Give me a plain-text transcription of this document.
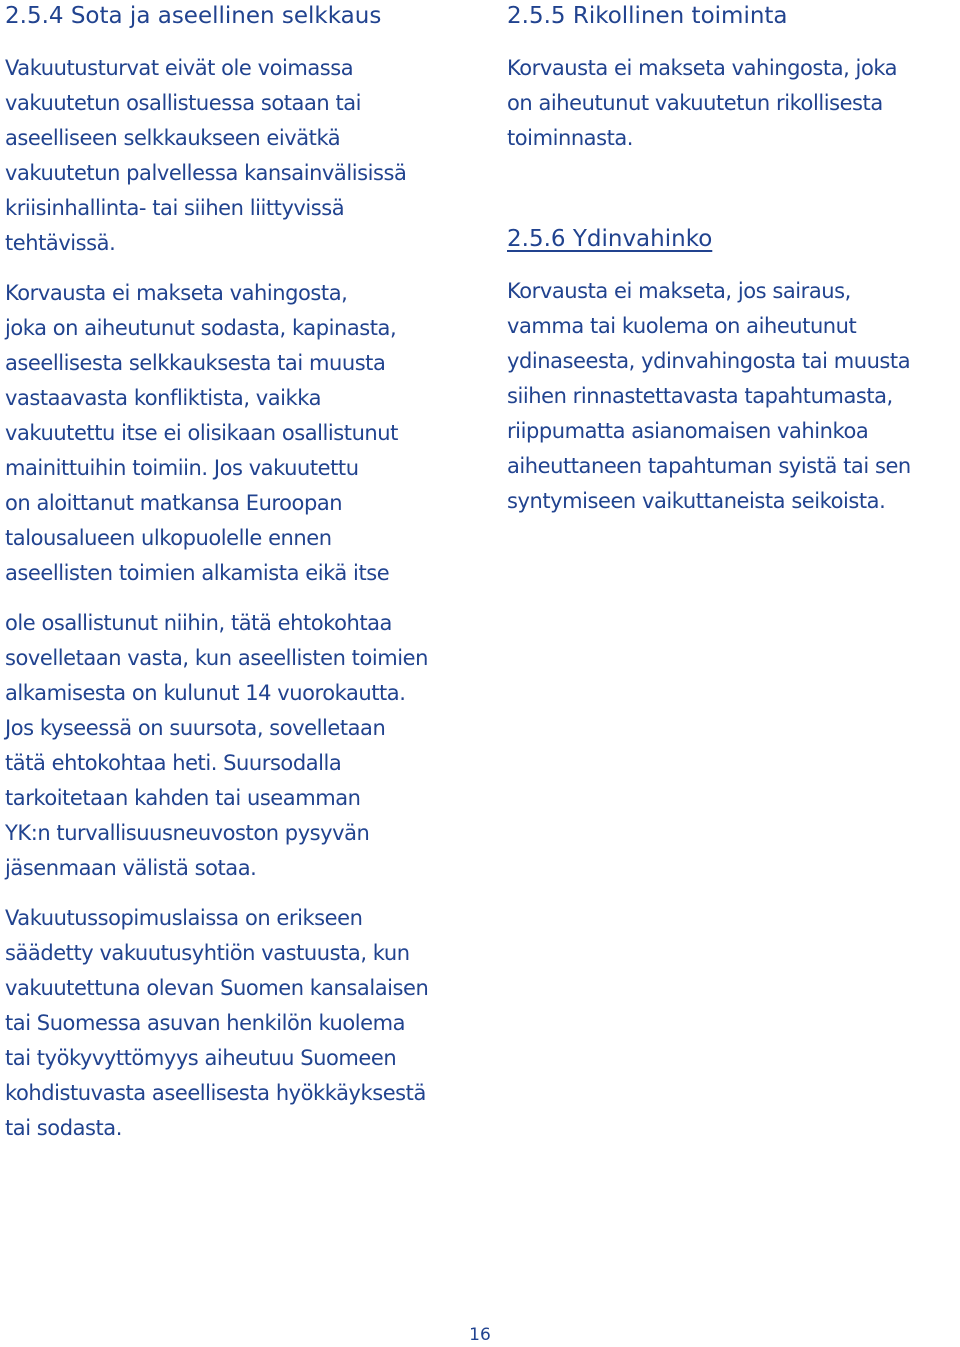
2.5.4 Sota ja aseellinen selkkaus

Vakuutusturvat eivät ole voimassa
vakuutetun osallistuessa sotaan tai
aseelliseen selkkaukseen eivätkä
vakuutetun palvellessa kansainvälisissä
kriisinhallinta- tai siihen liittyvissä
tehtävissä.

Korvausta ei makseta vahingosta,
joka on aiheutunut sodasta, kapinasta,
aseellisesta selkkauksesta tai muusta
vastaavasta konfliktista, vaikka
vakuutettu itse ei olisikaan osallistunut
mainittuihin toimiin. Jos vakuutettu
on aloittanut matkansa Euroopan
talousalueen ulkopuolelle ennen
aseellisten toimien alkamista eikä itse

ole osallistunut niihin, tätä ehtokohtaa
sovelletaan vasta, kun aseellisten toimien
alkamisesta on kulunut 14 vuorokautta.
Jos kyseessä on suursota, sovelletaan
tätä ehtokohtaa heti. Suursodalla
tarkoitetaan kahden tai useamman
YK:n turvallisuusneuvoston pysyvän
jäsenmaan välistä sotaa.

Vakuutussopimuslaissa on erikseen
säädetty vakuutusyhtiön vastuusta, kun
vakuutettuna olevan Suomen kansalaisen
tai Suomessa asuvan henkilön kuolema
tai työkyvyttömyys aiheutuu Suomeen
kohdistuvasta aseellisesta hyökkäyksestä
tai sodasta.

2.5.5 Rikollinen toiminta

Korvausta ei makseta vahingosta, joka
on aiheutunut vakuutetun rikollisesta
toiminnasta.

2.5.6 Ydinvahinko

Korvausta ei makseta, jos sairaus,
vamma tai kuolema on aiheutunut
ydinaseesta, ydinvahingosta tai muusta
siihen rinnastettavasta tapahtumasta,
riippumatta asianomaisen vahinkoa
aiheuttaneen tapahtuman syistä tai sen
syntymiseen vaikuttaneista seikoista.

16
